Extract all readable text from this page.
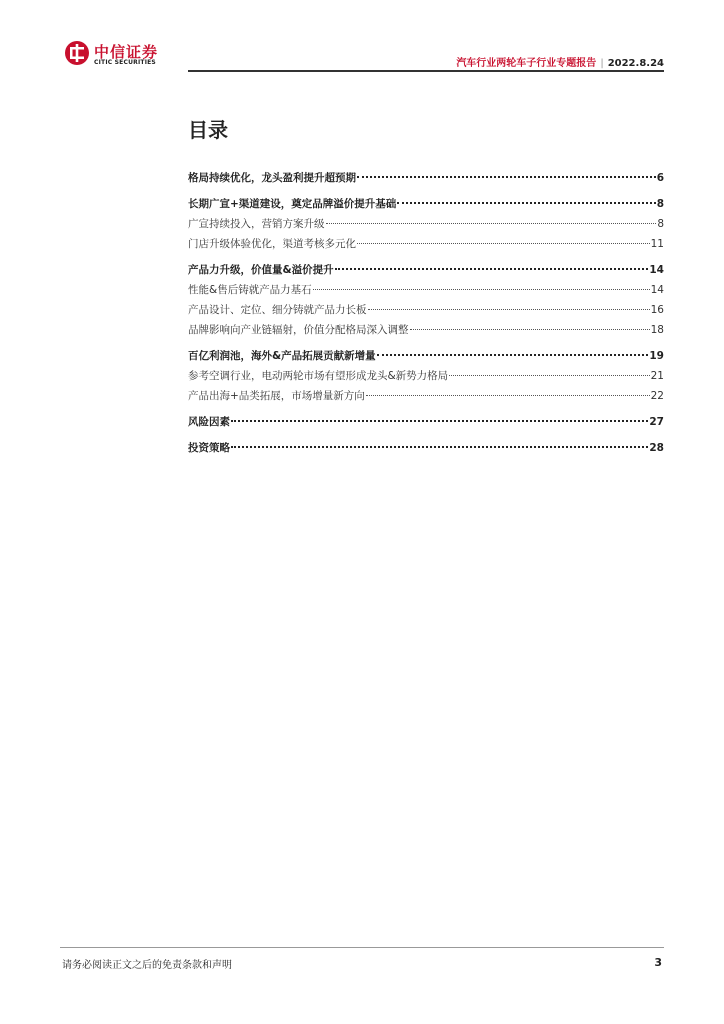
中信证券
CITIC SECURITIES	汽车行业两轮车子行业专题报告 | 2022.8.24
目录
格局持续优化，龙头盈利提升超预期	6
长期广宣+渠道建设，奠定品牌溢价提升基础	8
广宣持续投入，营销方案升级	8
门店升级体验优化，渠道考核多元化	11
产品力升级，价值量&溢价提升	14
性能&售后铸就产品力基石	14
产品设计、定位、细分铸就产品力长板	16
品牌影响向产业链辐射，价值分配格局深入调整	18
百亿利润池，海外&产品拓展贡献新增量	19
参考空调行业，电动两轮市场有望形成龙头&新势力格局	21
产品出海+品类拓展，市场增量新方向	22
风险因素	27
投资策略	28
请务必阅读正文之后的免责条款和声明	3
